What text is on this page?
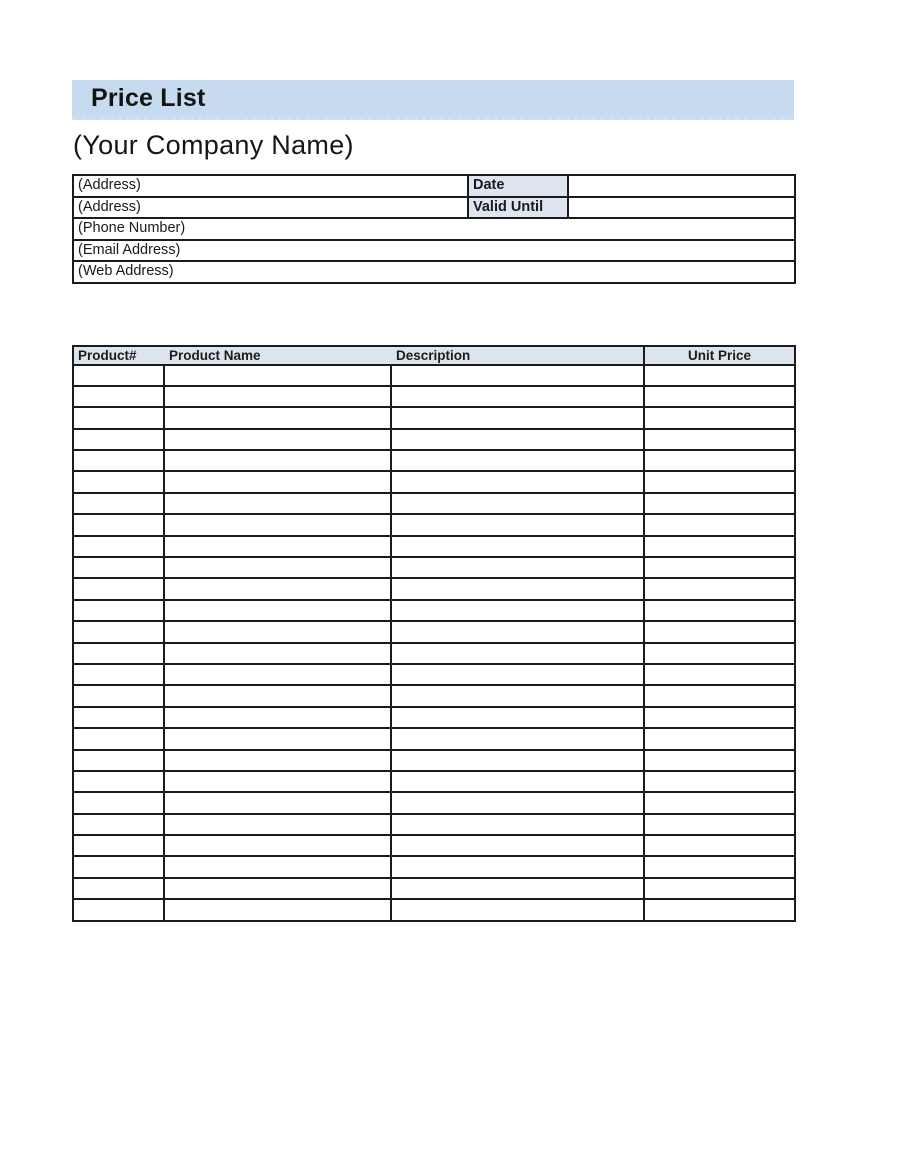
Price List
(Your Company Name)
(Address)	Date	
(Address)	Valid Until	
(Phone Number)		
(Email Address)		
(Web Address)		
Product#	Product Name	Description	Unit Price
